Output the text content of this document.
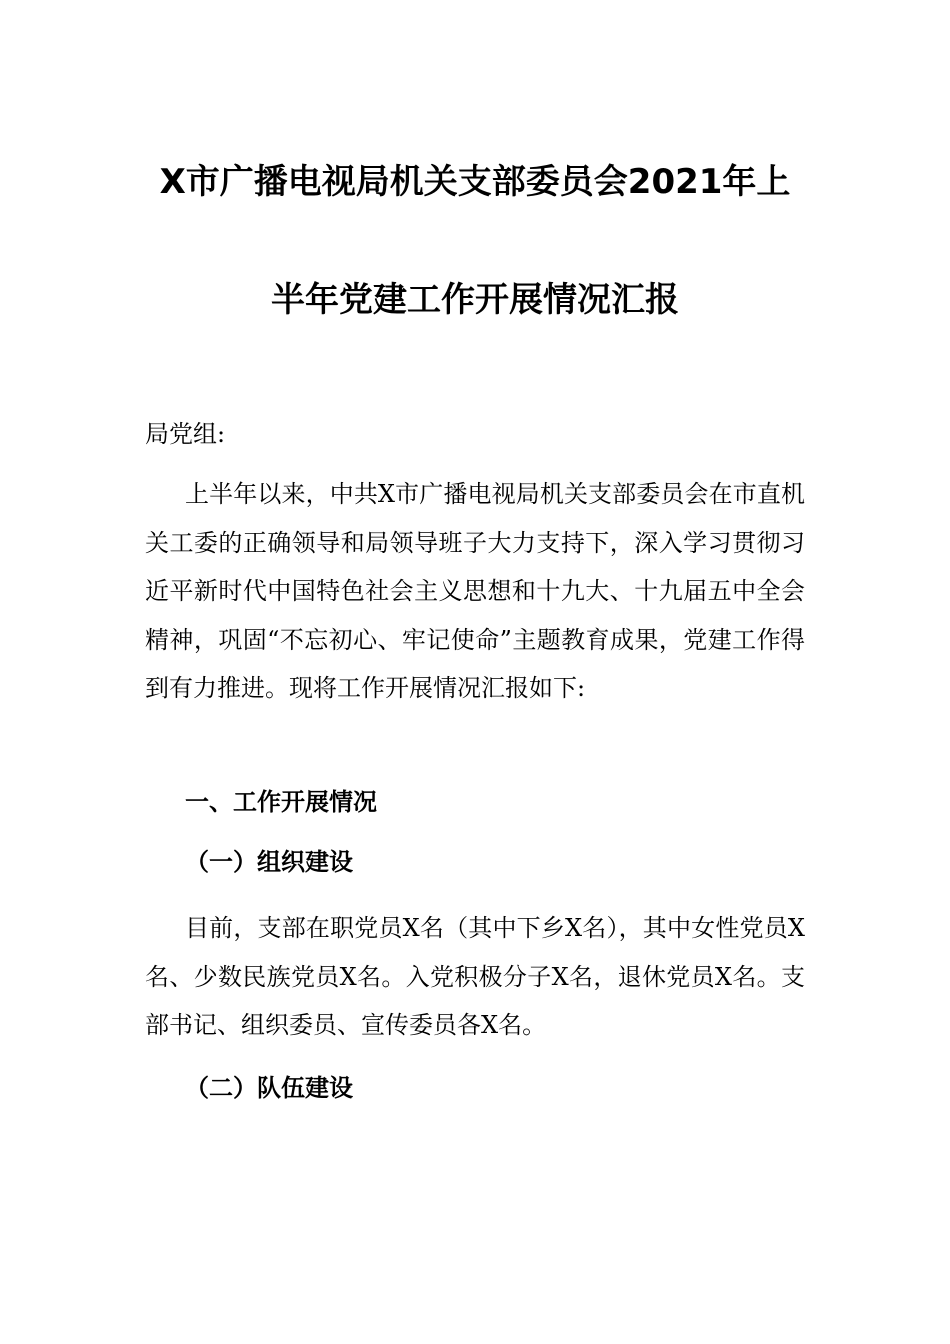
X市广播电视局机关支部委员会2021年上
半年党建工作开展情况汇报
局党组:
上半年以来，中共X市广播电视局机关支部委员会在市直机关工委的正确领导和局领导班子大力支持下，深入学习贯彻习近平新时代中国特色社会主义思想和十九大、十九届五中全会精神，巩固“不忘初心、牢记使命”主题教育成果，党建工作得到有力推进。现将工作开展情况汇报如下:
一、工作开展情况
（一）组织建设
目前，支部在职党员X名（其中下乡X名），其中女性党员X名、少数民族党员X名。入党积极分子X名，退休党员X名。支部书记、组织委员、宣传委员各X名。
（二）队伍建设
